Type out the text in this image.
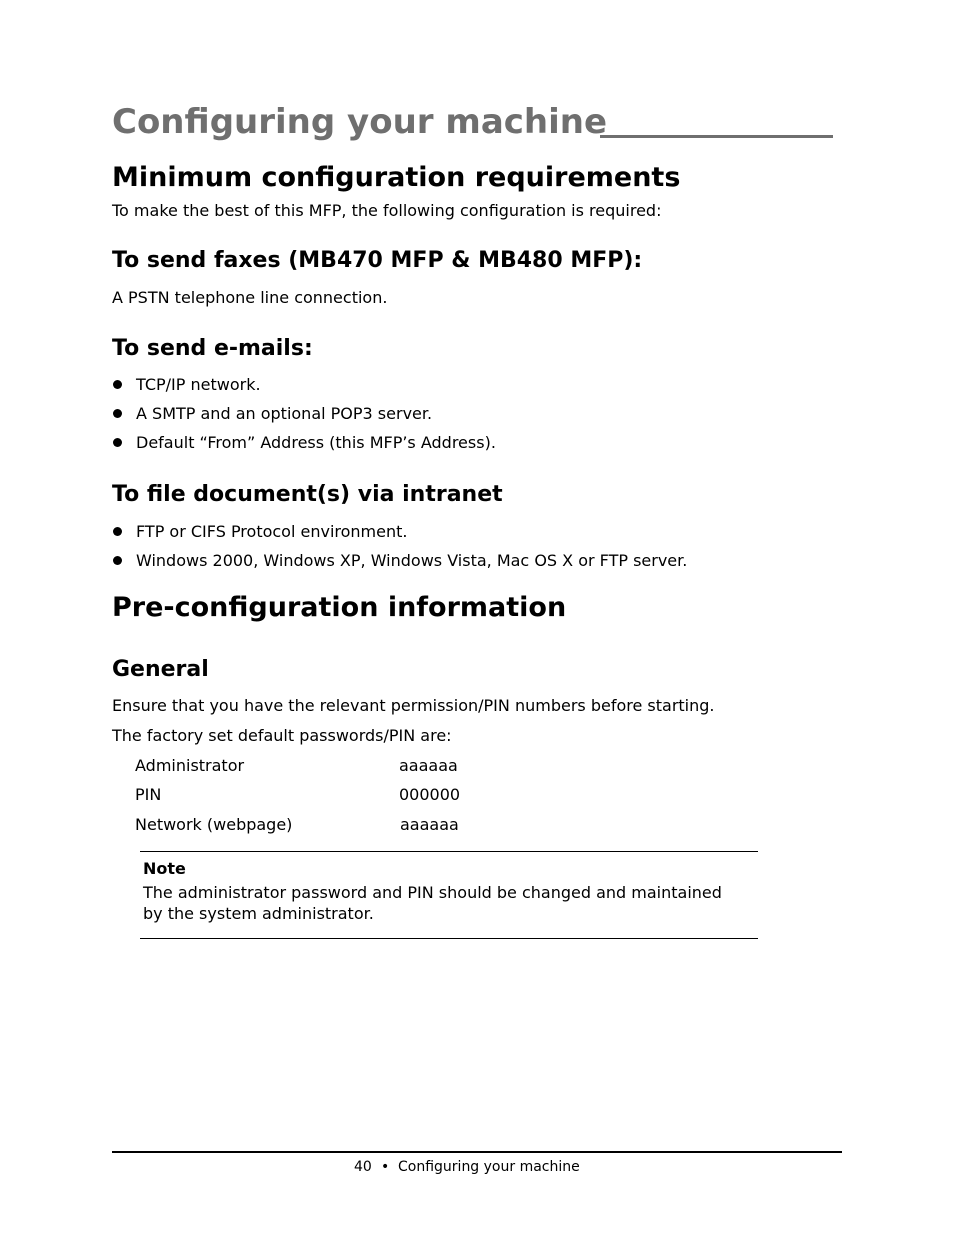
Configuring your machine
Minimum configuration requirements
To make the best of this MFP, the following configuration is required:
To send faxes (MB470 MFP & MB480 MFP):
A PSTN telephone line connection.
To send e-mails:
TCP/IP network.
A SMTP and an optional POP3 server.
Default “From” Address (this MFP’s Address).
To file document(s) via intranet
FTP or CIFS Protocol environment.
Windows 2000, Windows XP, Windows Vista, Mac OS X or FTP server.
Pre-configuration information
General
Ensure that you have the relevant permission/PIN numbers before starting.
The factory set default passwords/PIN are:
Administrator	aaaaaa
PIN	000000
Network (webpage)	aaaaaa
Note
The administrator password and PIN should be changed and maintained
by the system administrator.
40 • Configuring your machine
